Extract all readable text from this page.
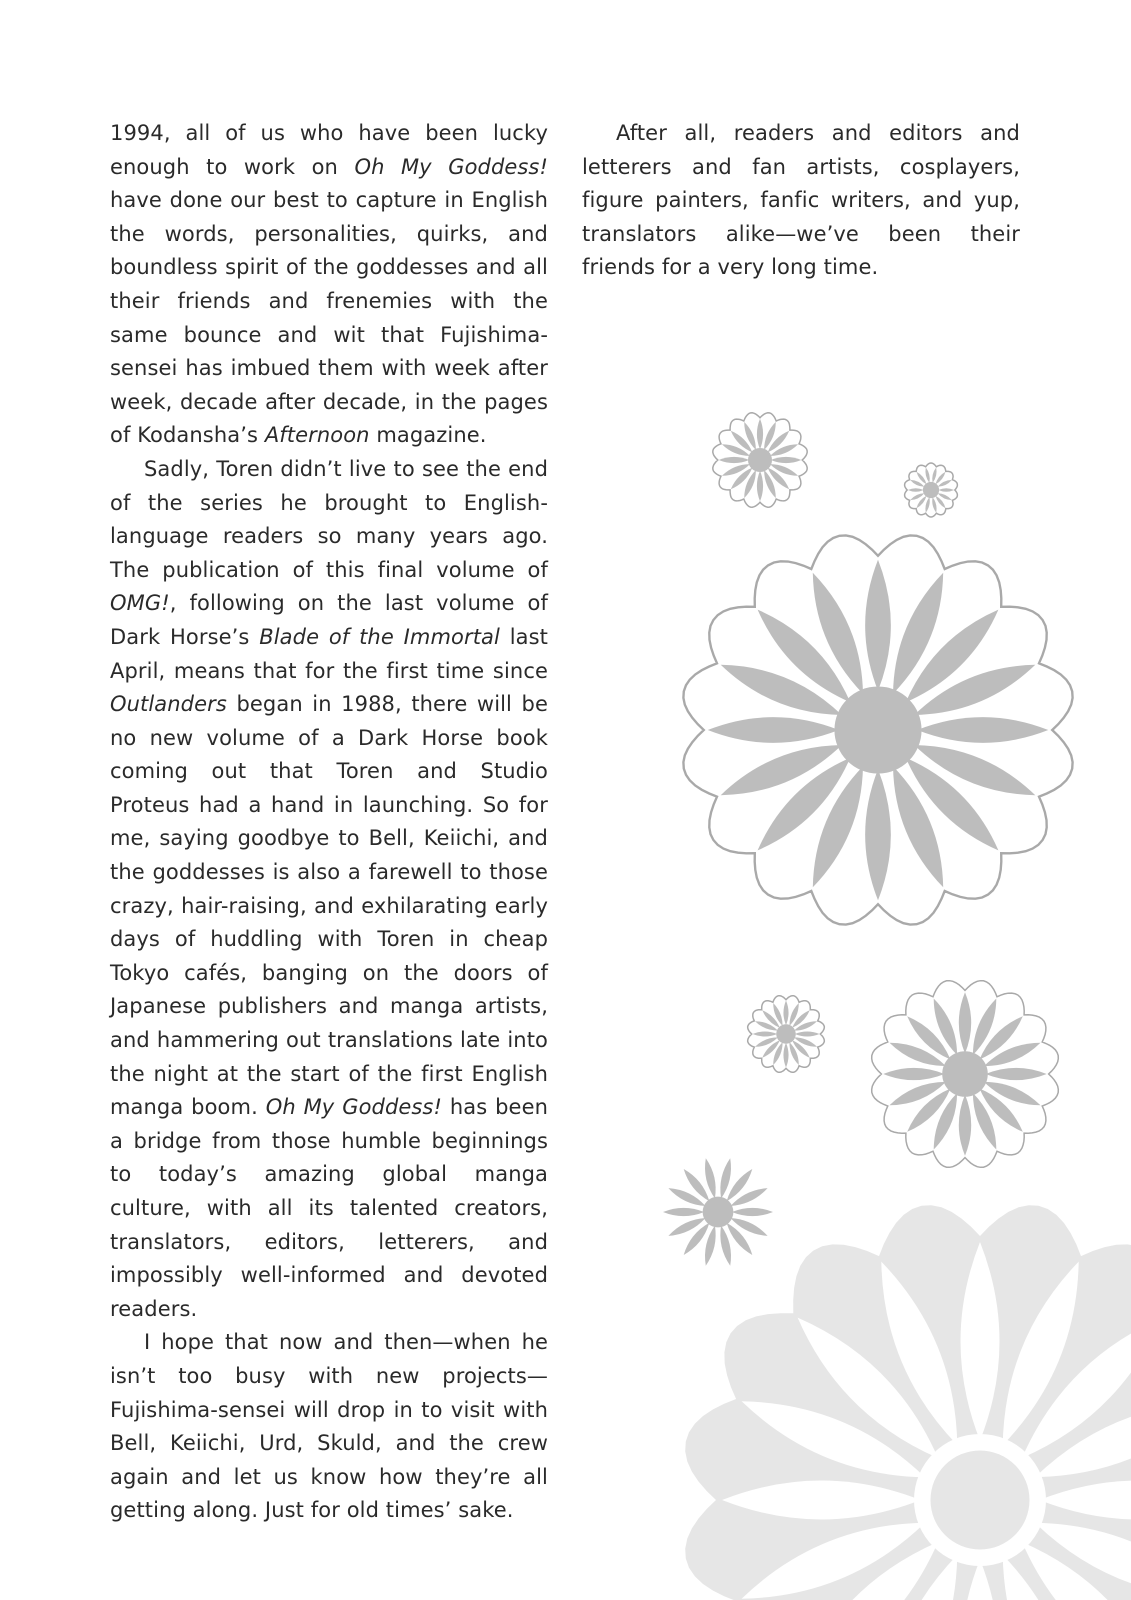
1994, all of us who have been lucky enough to work on Oh My Goddess! have done our best to capture in English the words, personalities, quirks, and boundless spirit of the goddesses and all their friends and frenemies with the same bounce and wit that Fujishima-sensei has imbued them with week after week, decade after decade, in the pages of Kodansha’s Afternoon magazine.

Sadly, Toren didn’t live to see the end of the series he brought to English-language readers so many years ago. The publication of this final volume of OMG!, following on the last volume of Dark Horse’s Blade of the Immortal last April, means that for the first time since Outlanders began in 1988, there will be no new volume of a Dark Horse book coming out that Toren and Studio Proteus had a hand in launching. So for me, saying goodbye to Bell, Keiichi, and the goddesses is also a farewell to those crazy, hair-raising, and exhilarating early days of huddling with Toren in cheap Tokyo cafés, banging on the doors of Japanese publishers and manga artists, and hammering out translations late into the night at the start of the first English manga boom. Oh My Goddess! has been a bridge from those humble beginnings to today’s amazing global manga culture, with all its talented creators, translators, editors, letterers, and impossibly well-informed and devoted readers.

I hope that now and then—when he isn’t too busy with new projects—Fujishima-sensei will drop in to visit with Bell, Keiichi, Urd, Skuld, and the crew again and let us know how they’re all getting along. Just for old times’ sake.

After all, readers and editors and letterers and fan artists, cosplayers, figure painters, fanfic writers, and yup, translators alike—we’ve been their friends for a very long time.
